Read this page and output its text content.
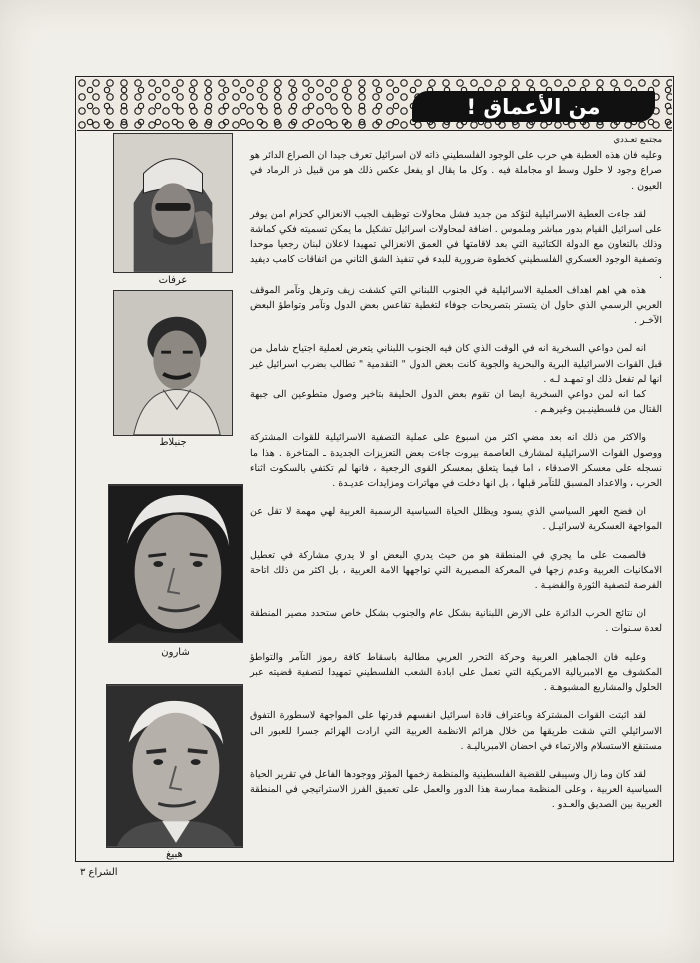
من الأعماق !
عرفات
جنبلاط
شارون
هبيغ

مجتمع تعـددي

وعليه فان هذه العطبة هي حرب على الوجود الفلسطيني ذاته لان اسرائيل تعرف جيدا ان الصراع الدائر هو صراع وجود لا حلول وسط او مجاملة فيه . وكل ما يقال او يفعل عكس ذلك هو من قبيل ذر الرماد في العيون .

لقد جاءت العطية الاسرائيلية لتؤكد من جديد فشل محاولات توظيف الجيب الانعزالي كحزام امن يوفر على اسرائيل القيام بدور مباشر وملموس . اضافة لمحاولات اسرائيل تشكيل ما يمكن تسميته فكي كماشة وذلك بالتعاون مع الدولة الكتائبية التي بعد لاقامتها في العمق الانعزالي تمهيدا لاعلان لبنان رجعيا موحدا وتصفية الوجود العسكري الفلسطيني كخطوة ضرورية للبدء في تنفيذ الشق الثاني من اتفاقات كامب ديفيد .

هذه هي اهم اهداف العملية الاسرائيلية في الجنوب اللبناني التي كشفت زيف وترهل وتآمر الموقف العربي الرسمي الذي حاول ان يتستر بتصريحات جوفاء لتغطية تقاعس بعض الدول وتآمر وتواطؤ البعض الآخـر .

انه لمن دواعي السخرية انه في الوقت الذي كان فيه الجنوب اللبناني يتعرض لعملية اجتياح شامل من قبل القوات الاسرائيلية البرية والبحرية والجوية كانت بعض الدول " التقدمية " تطالب بضرب اسرائيل غير انها لم تفعل ذلك او تمهـد لـه .

كما انه لمن دواعي السخرية ايضا ان تقوم بعض الدول الحليفة بتاخير وصول متطوعين الى جبهة القتال من فلسطينيـين وغيرهـم .

والاكثر من ذلك انه بعد مضي اكثر من اسبوع على عملية التصفية الاسرائيلية للقوات المشتركة ووصول القوات الاسرائيلية لمشارف العاصمة بيروت جاءت بعض التعزيزات الجديدة ـ المتاخرة . هذا ما نسجله على معسكر الاصدقاء ، اما فيما يتعلق بمعسكر القوى الرجعية ، فانها لم تكتفي بالسكوت اثناء الحرب ، والاعداد المسبق للتآمر قبلها ، بل انها دخلت في مهاترات ومزايدات عديـدة .

ان فضح العهر السياسي الذي يسود ويظلل الحياة السياسية الرسمية العربية لهي مهمة لا تقل عن المواجهة العسكرية لاسرائيـل .

فالصمت على ما يجري في المنطقة هو من حيث يدري البعض او لا يدري مشاركة في تعطيل الامكانيات العربية وعدم زجها في المعركة المصيرية التي تواجهها الامة العربية ، بل اكثر من ذلك اتاحة الفرصة لتصفية الثورة والقضيـة .

ان نتائج الحرب الدائرة على الارض اللبنانية بشكل عام والجنوب بشكل خاص ستحدد مصير المنطقة لعدة سـنوات .

وعليه فان الجماهير العربية وحركة التحرر العربي مطالبة باسقاط كافة رموز التآمر والتواطؤ المكشوف مع الامبريالية الامريكية التي تعمل على ابادة الشعب الفلسطيني تمهيدا لتصفية قضيته عبر الحلول والمشاريع المشبوهـة .

لقد اثبتت القوات المشتركة وباعتراف قادة اسرائيل انفسهم قدرتها على المواجهة لاسطورة التفوق الاسرائيلي التي شقت طريقها من خلال هزائم الانظمة العربية التي ارادت الهزائم جسرا للعبور الى مستنقع الاستسلام والارتماء في احضان الامبرياليـة .

لقد كان وما زال وسيبقى للقضية الفلسطينية والمنظمة زخمها المؤثر ووجودها الفاعل في تقرير الحياة السياسية العربية ، وعلى المنظمة ممارسة هذا الدور والعمل على تعميق الفرز الاستراتيجي في المنطقة العربية بين الصديق والعـدو .

الشراع ٣
